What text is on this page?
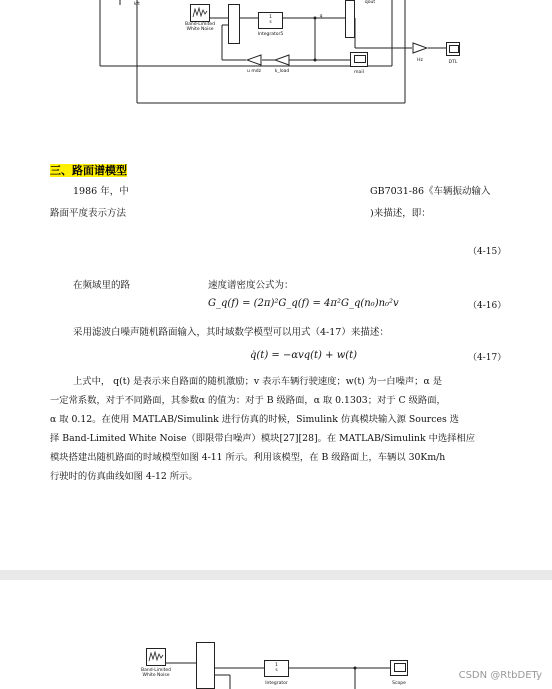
Band-Limited
White Noise
1
s
Integrator5
q
qout
Hz	DTL
u mdz	k_load	mail
k/t
三、路面谱模型
1986 年，中	GB7031-86《车辆振动输入
路面平度表示方法	)来描述，即：
（4-15）
在频域里的路	速度谱密度公式为：
G_q(f) = (2π)²G_q(f) = 4π²G_q(n₀)n₀²v	（4-16）
采用滤波白噪声随机路面输入，其时域数学模型可以用式（4-17）来描述：
q̇(t) = −αvq(t) + w(t)	（4-17）
上式中， q(t) 是表示来自路面的随机激励；v 表示车辆行驶速度；w(t) 为一白噪声；α 是
一定常系数，对于不同路面，其参数α 的值为：对于 B 级路面，α 取 0.1303；对于 C 级路面，
α 取 0.12。在使用 MATLAB/Simulink 进行仿真的时候，Simulink 仿真模块输入源 Sources 选
择 Band-Limited White Noise（即限带白噪声）模块[27][28]。在 MATLAB/Simulink 中选择相应
模块搭建出随机路面的时域模型如图 4-11 所示。利用该模型，在 B 级路面上，车辆以 30Km/h
行驶时的仿真曲线如图 4-12 所示。
Band-Limited
White Noise
1
s
Integrator	Scope
CSDN @RtbDETy
